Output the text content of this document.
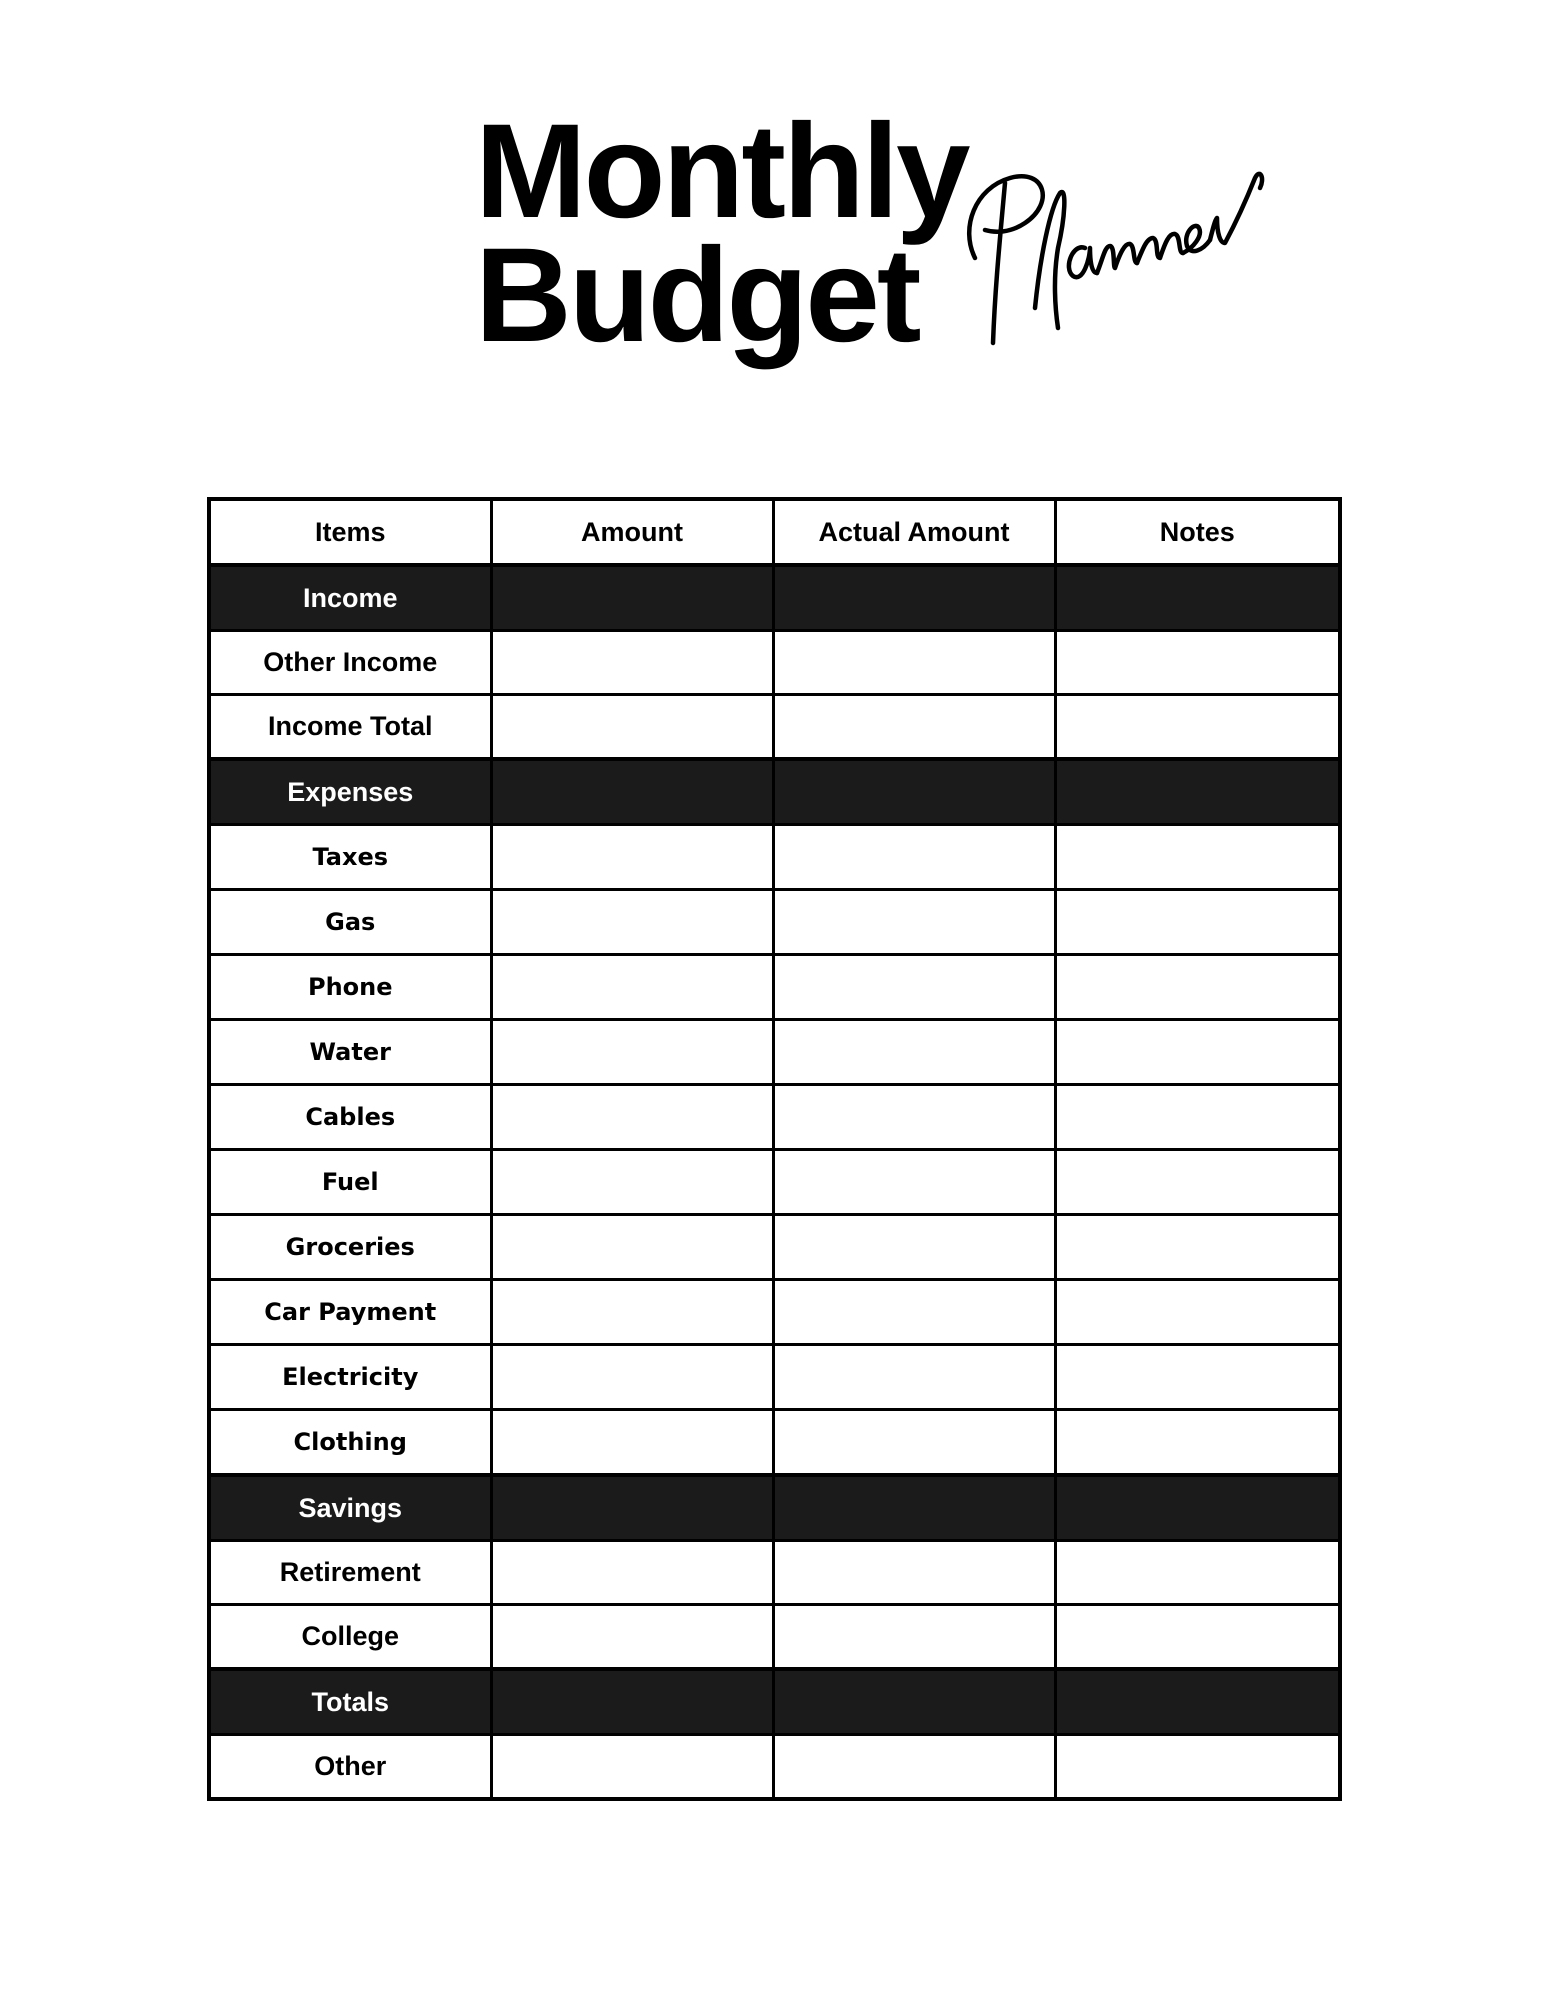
Monthly
Budget
Items	Amount	Actual Amount	Notes
Income			
Other Income			
Income Total			
Expenses			
Taxes			
Gas			
Phone			
Water			
Cables			
Fuel			
Groceries			
Car Payment			
Electricity			
Clothing			
Savings			
Retirement			
College			
Totals			
Other			
